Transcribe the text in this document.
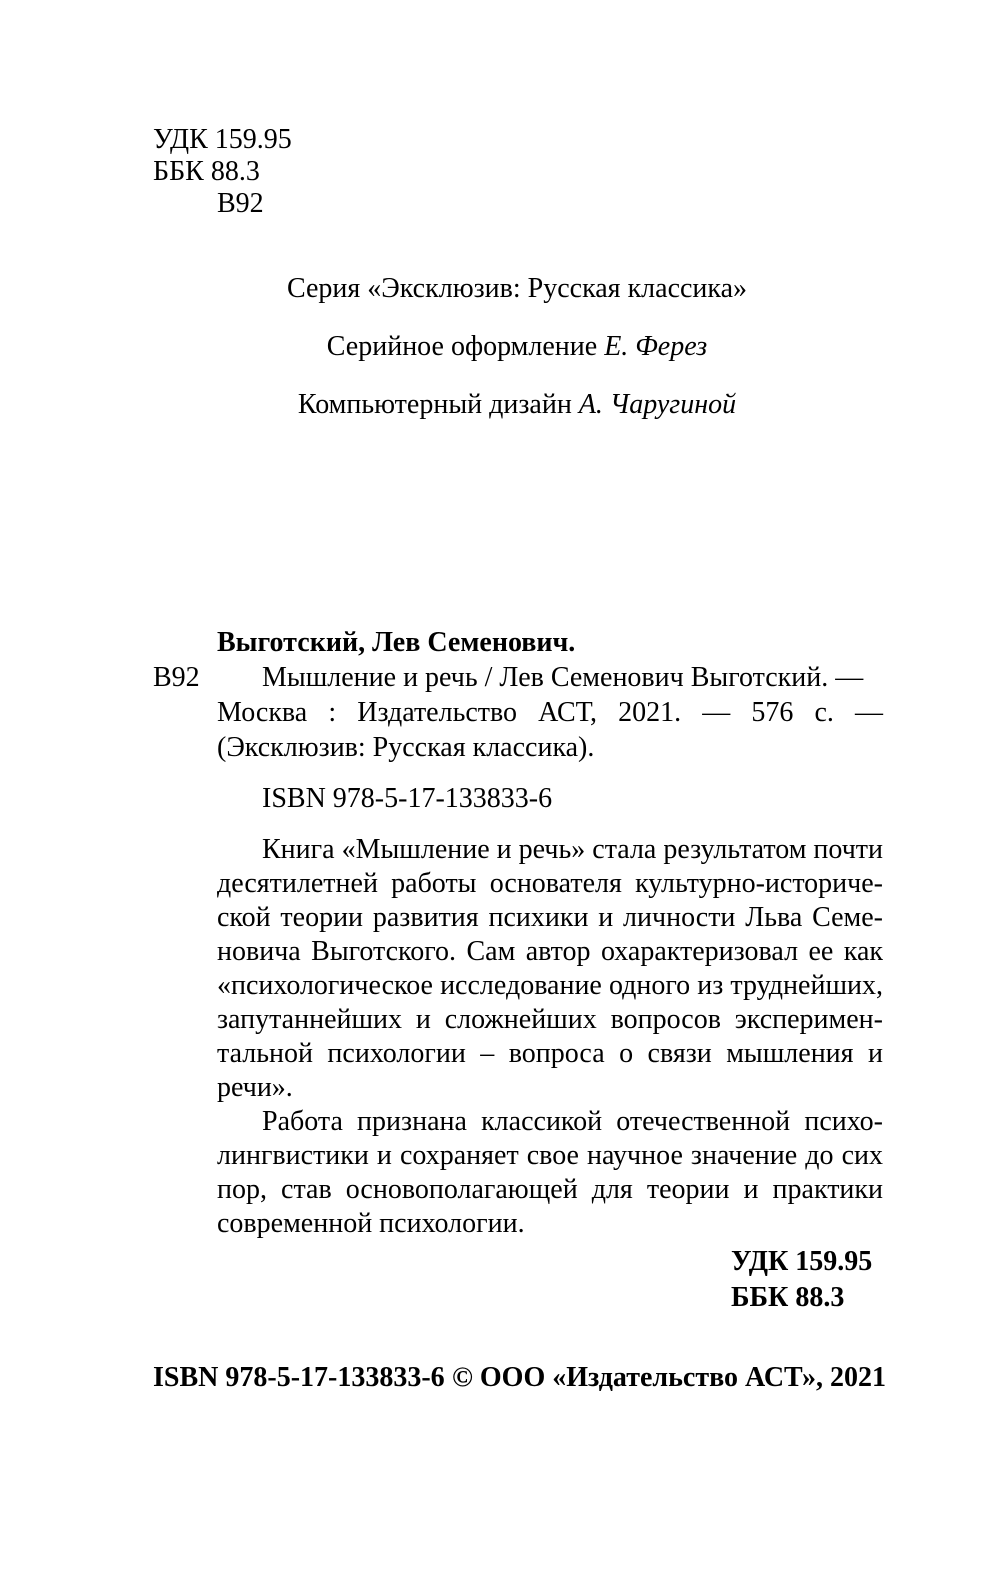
УДК 159.95
ББК 88.3
В92
Серия «Эксклюзив: Русская классика»
Серийное оформление Е. Ферез
Компьютерный дизайн А. Чаругиной
Выготский, Лев Семенович.
В92 Мышление и речь / Лев Семенович Выготский. —
Москва : Издательство АСТ, 2021. — 576 с. —
(Эксклюзив: Русская классика).
ISBN 978-5-17-133833-6
Книга «Мышление и речь» стала результатом почти
десятилетней работы основателя культурно-историче-
ской теории развития психики и личности Льва Семе-
новича Выготского. Сам автор охарактеризовал ее как
«психологическое исследование одного из труднейших,
запутаннейших и сложнейших вопросов эксперимен-
тальной психологии – вопроса о связи мышления и
речи».
Работа признана классикой отечественной психо-
лингвистики и сохраняет свое научное значение до сих
пор, став основополагающей для теории и практики
современной психологии.
УДК 159.95
ББК 88.3
ISBN 978-5-17-133833-6 © ООО «Издательство АСТ», 2021
